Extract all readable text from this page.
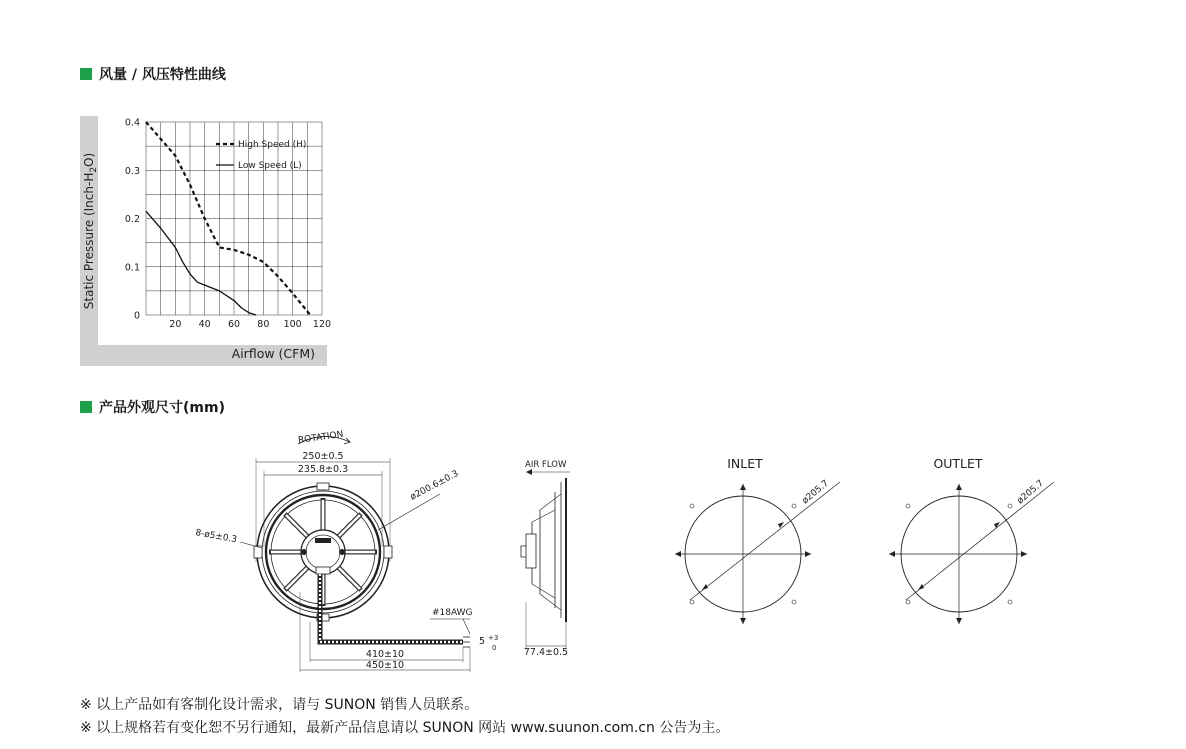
风量 / 风压特性曲线
20 40 60 80 100 120
0
0.1
0.2
0.3
0.4
Static Pressure $(Inch-H_2O)$
Airflow (CFM)
High Speed (H)
Low Speed (L)
产品外观尺寸(mm)
ROTATION
250±0.5
235.8±0.3	ø200.6±0.3
8-ø5±0.3
#18AWG
410±10
450±10
5 +3
0
AIR FLOW
77.4±0.5
INLET
ø205.7
OUTLET
ø205.7
※ 以上产品如有客制化设计需求，请与 SUNON 销售人员联系。
※ 以上规格若有变化恕不另行通知，最新产品信息请以 SUNON 网站 www.suunon.com.cn 公告为主。
